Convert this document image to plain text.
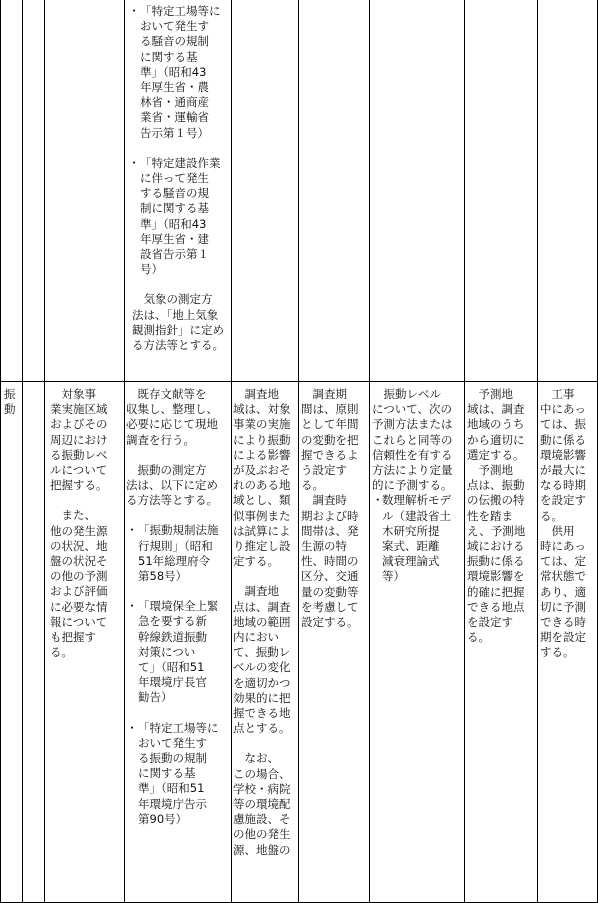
・ 「特定工場等に
おいて発生す
る騒音の規制
に関する基
準」（昭和43
年厚生省・農
林省・通商産
業省・運輸省
告示第１号）

・ 「特定建設作業
に伴って発生
する騒音の規
制に関する基
準」（昭和43
年厚生省・建
設省告示第１
号）

　気象の測定方
法は、「地上気象
観測指針」に定め
る方法等とする。

振
動

　対象事
業実施区域
およびその
周辺におけ
る振動レベ
ルについて
把握する。

　また、
他の発生源
の状況、地
盤の状況そ
の他の予測
および評価
に必要な情
報について
も把握す
る。

　既存文献等を
収集し、整理し、
必要に応じて現地
調査を行う。

　振動の測定方
法は、以下に定め
る方法等とする。

・ 「振動規制法施
行規則」（昭和
51年総理府令
第58号）

・ 「環境保全上緊
急を要する新
幹線鉄道振動
対策につい
て」（昭和51
年環境庁長官
勧告）

・ 「特定工場等に
おいて発生す
る振動の規制
に関する基
準」（昭和51
年環境庁告示
第90号）

　調査地
域は、対象
事業の実施
により振動
による影響
が及ぶおそ
れのある地
域とし、類
似事例また
は試算によ
り推定し設
定する。

　調査地
点は、調査
地域の範囲
内におい
て、振動レ
ベルの変化
を適切かつ
効果的に把
握できる地
点とする。

　なお、
この場合、
学校・病院
等の環境配
慮施設、そ
の他の発生
源、地盤の

　調査期
間は、原則
として年間
の変動を把
握できるよ
う設定す
る。

　調査時
期および時
間帯は、発
生源の特
性、時間の
区分、交通
量の変動等
を考慮して
設定する。

　振動レベル
について、次の
予測方法または
これらと同等の
信頼性を有する
方法により定量
的に予測する。

・

数理解析モデ
ル（建設省土
木研究所提
案式、距離
減衰理論式
等）

　予測地
域は、調査
地域のうち
から適切に
選定する。

　予測地
点は、振動
の伝搬の特
性を踏ま
え、予測地
域における
振動に係る
環境影響を
的確に把握
できる地点
を設定す
る。

　工事
中にあっ
ては、振
動に係る
環境影響
が最大に
なる時期
を設定す
る。

　供用
時にあっ
ては、定
常状態で
あり、適
切に予測
できる時
期を設定
する。
